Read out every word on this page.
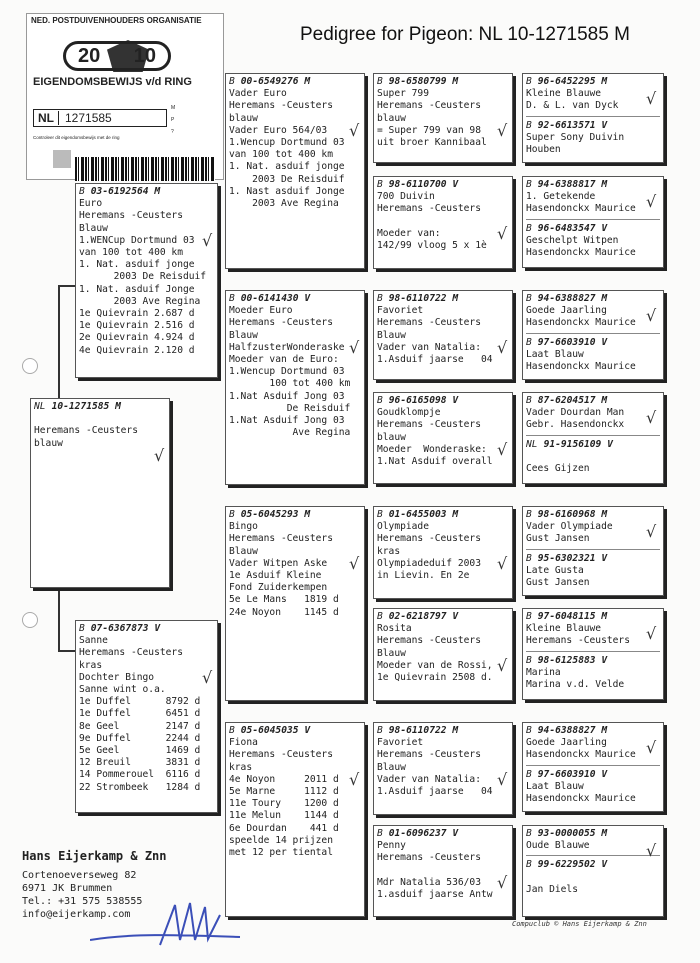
NED. POSTDUIVENHOUDERS ORGANISATIE
20 10
EIGENDOMSBEWIJS v/d RING
NL 1271585
M
P
?
Controleer dit eigendomsbewijs met de ring
Pedigree for Pigeon: NL 10-1271585 M
NL 10-1271585 M

Heremans -Ceusters
blauw
√
B 03-6192564 M
Euro
Heremans -Ceusters
Blauw
1.WENCup Dortmund 03
van 100 tot 400 km
1. Nat. asduif jonge
2003 De Reisduif
1. Nat. asduif Jonge
2003 Ave Regina
1e Quievrain 2.687 d
1e Quievrain 2.516 d
2e Quievrain 4.924 d
4e Quievrain 2.120 d
√
B 07-6367873 V
Sanne
Heremans -Ceusters
kras
Dochter Bingo
Sanne wint o.a.
1e Duffel      8792 d
1e Duffel      6451 d
8e Geel        2147 d
9e Duffel      2244 d
5e Geel        1469 d
12 Breuil      3831 d
14 Pommerouel  6116 d
22 Strombeek   1284 d
√
B 00-6549276 M
Vader Euro
Heremans -Ceusters
blauw
Vader Euro 564/03
1.Wencup Dortmund 03
van 100 tot 400 km
1. Nat. asduif jonge
2003 De Reisduif
1. Nast asduif Jonge
2003 Ave Regina
√
B 00-6141430 V
Moeder Euro
Heremans -Ceusters
Blauw
HalfzusterWonderaske
Moeder van de Euro:
1.Wencup Dortmund 03
100 tot 400 km
1.Nat Asduif Jong 03
De Reisduif
1.Nat Asduif Jong 03
Ave Regina
√
B 05-6045293 M
Bingo
Heremans -Ceusters
Blauw
Vader Witpen Aske
1e Asduif Kleine
Fond Zuiderkempen
5e Le Mans   1819 d
24e Noyon    1145 d
√
B 05-6045035 V
Fiona
Heremans -Ceusters
kras
4e Noyon     2011 d
5e Marne     1112 d
11e Toury    1200 d
11e Melun    1144 d
6e Dourdan    441 d
speelde 14 prijzen
met 12 per tiental
√
B 98-6580799 M
Super 799
Heremans -Ceusters
blauw
= Super 799 van 98
uit broer Kannibaal
√
B 98-6110700 V
700 Duivin
Heremans -Ceusters

Moeder van:
142/99 vloog 5 x 1è
√
B 98-6110722 M
Favoriet
Heremans -Ceusters
Blauw
Vader van Natalia:
1.Asduif jaarse   04
√
B 96-6165098 V
Goudklompje
Heremans -Ceusters
blauw
Moeder  Wonderaske:
1.Nat Asduif overall
√
B 01-6455003 M
Olympiade
Heremans -Ceusters
kras
Olympiadeduif 2003
in Lievin. En 2e
√
B 02-6218797 V
Rosita
Heremans -Ceusters
Blauw
Moeder van de Rossi,
1e Quievrain 2508 d.
√
B 98-6110722 M
Favoriet
Heremans -Ceusters
Blauw
Vader van Natalia:
1.Asduif jaarse   04
√
B 01-6096237 V
Penny
Heremans -Ceusters

Mdr Natalia 536/03
1.asduif jaarse Antw
√
B 96-6452295 M
Kleine Blauwe
D. & L. van Dyck
B 92-6613571 V
Super Sony Duivin
Houben
√
B 94-6388817 M
1. Getekende
Hasendonckx Maurice
B 96-6483547 V
Geschelpt Witpen
Hasendonckx Maurice
√
B 94-6388827 M
Goede Jaarling
Hasendonckx Maurice
B 97-6603910 V
Laat Blauw
Hasendonckx Maurice
√
B 87-6204517 M
Vader Dourdan Man
Gebr. Hasendonckx
NL 91-9156109 V

Cees Gijzen
√
B 98-6160968 M
Vader Olympiade
Gust Jansen
B 95-6302321 V
Late Gusta
Gust Jansen
√
B 97-6048115 M
Kleine Blauwe
Heremans -Ceusters
B 98-6125883 V
Marina
Marina v.d. Velde
√
B 94-6388827 M
Goede Jaarling
Hasendonckx Maurice
B 97-6603910 V
Laat Blauw
Hasendonckx Maurice
√
B 93-0000055 M
Oude Blauwe
B 99-6229502 V

Jan Diels
√
Hans Eijerkamp & Znn
Cortenoeverseweg 82
6971 JK Brummen
Tel.: +31 575 538555
info@eijerkamp.com
Compuclub © Hans Eijerkamp & Znn
